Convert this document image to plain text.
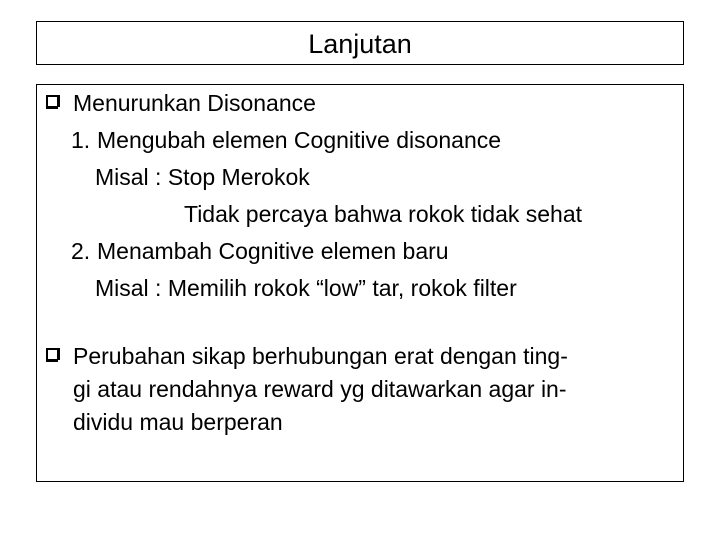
Lanjutan
Menurunkan Disonance
1. Mengubah elemen Cognitive disonance
Misal : Stop Merokok
Tidak percaya bahwa rokok tidak sehat
2. Menambah Cognitive elemen baru
Misal : Memilih rokok “low” tar, rokok filter
Perubahan sikap berhubungan erat dengan ting-
gi atau rendahnya reward yg ditawarkan agar in-
dividu mau berperan
